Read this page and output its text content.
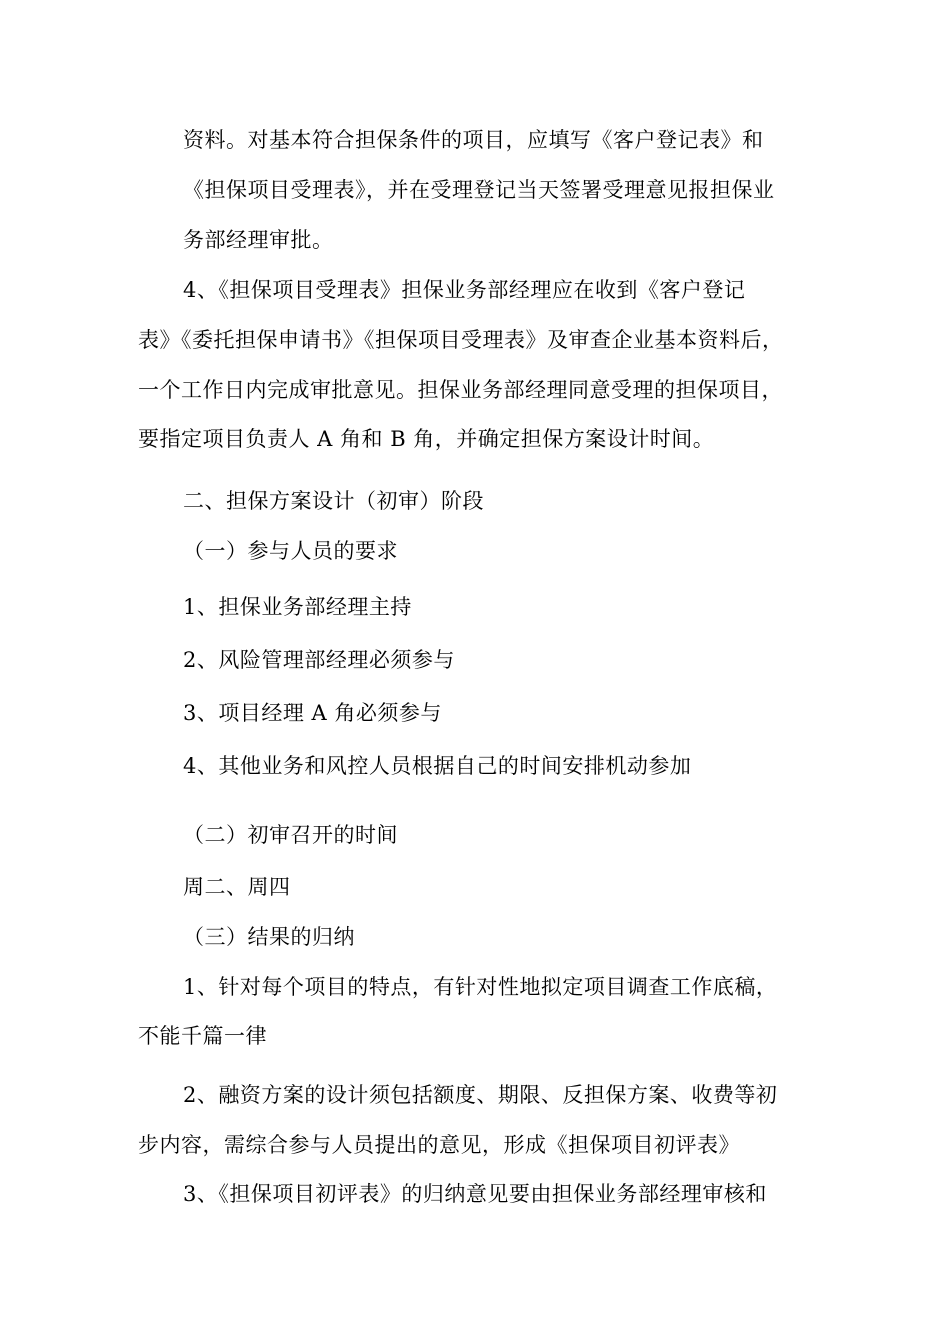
资料。对基本符合担保条件的项目，应填写《客户登记表》和
《担保项目受理表》，并在受理登记当天签署受理意见报担保业
务部经理审批。
4、《担保项目受理表》担保业务部经理应在收到《客户登记
表》《委托担保申请书》《担保项目受理表》及审查企业基本资料后，
一个工作日内完成审批意见。担保业务部经理同意受理的担保项目，
要指定项目负责人 A 角和 B 角，并确定担保方案设计时间。
二、担保方案设计（初审）阶段
（一）参与人员的要求
1、担保业务部经理主持
2、风险管理部经理必须参与
3、项目经理 A 角必须参与
4、其他业务和风控人员根据自己的时间安排机动参加
（二）初审召开的时间
周二、周四
（三）结果的归纳
1、针对每个项目的特点，有针对性地拟定项目调查工作底稿，
不能千篇一律
2、融资方案的设计须包括额度、期限、反担保方案、收费等初
步内容，需综合参与人员提出的意见，形成《担保项目初评表》
3、《担保项目初评表》的归纳意见要由担保业务部经理审核和
